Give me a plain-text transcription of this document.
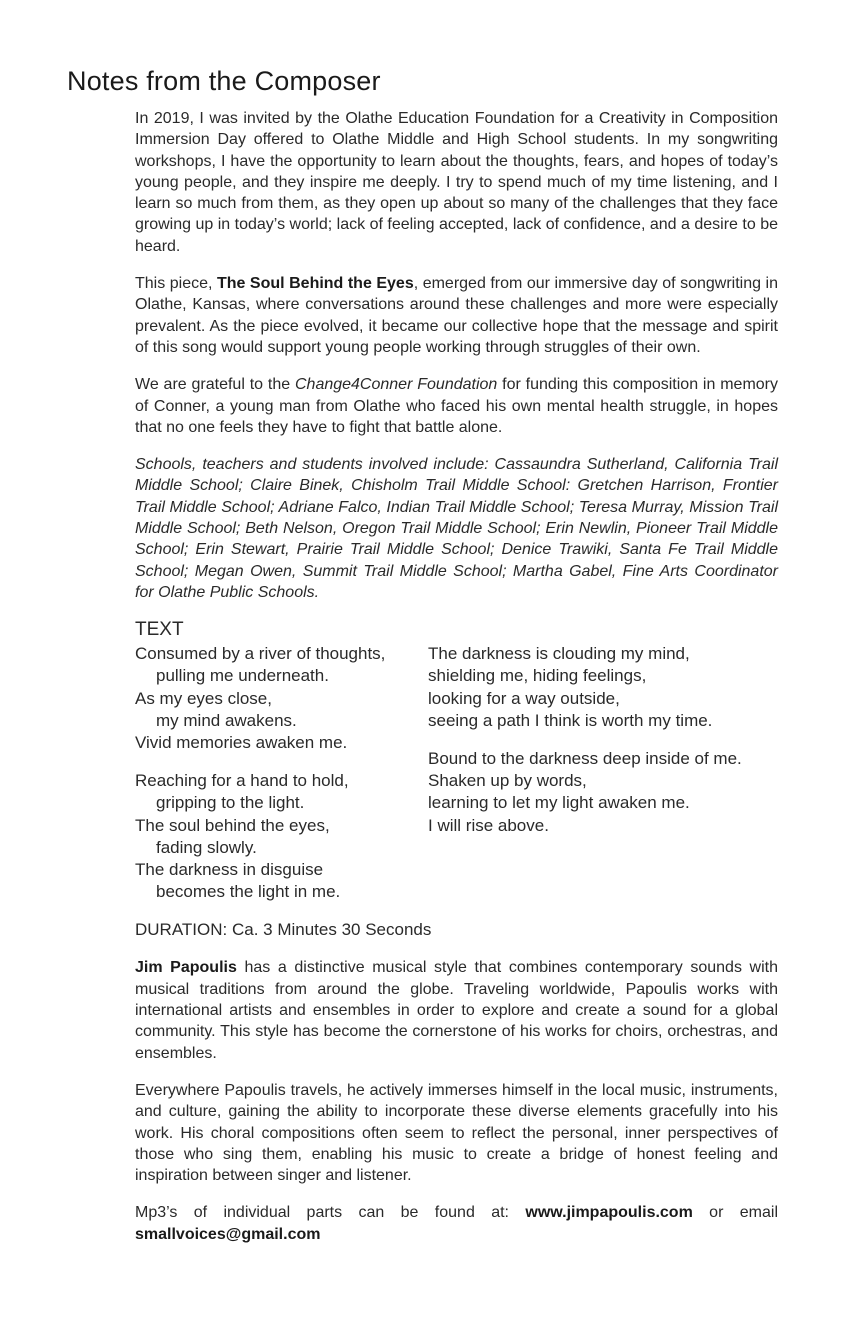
Notes from the Composer

In 2019, I was invited by the Olathe Education Foundation for a Creativity in Composition Immersion Day offered to Olathe Middle and High School students. In my songwriting workshops, I have the opportunity to learn about the thoughts, fears, and hopes of today’s young people, and they inspire me deeply. I try to spend much of my time listening, and I learn so much from them, as they open up about so many of the challenges that they face growing up in today’s world; lack of feeling accepted, lack of confidence, and a desire to be heard.

This piece, The Soul Behind the Eyes, emerged from our immersive day of songwriting in Olathe, Kansas, where conversations around these challenges and more were especially prevalent. As the piece evolved, it became our collective hope that the message and spirit of this song would support young people working through struggles of their own.

We are grateful to the Change4Conner Foundation for funding this composition in memory of Conner, a young man from Olathe who faced his own mental health struggle, in hopes that no one feels they have to fight that battle alone.

Schools, teachers and students involved include: Cassaundra Sutherland, California Trail Middle School; Claire Binek, Chisholm Trail Middle School: Gretchen Harrison, Frontier Trail Middle School; Adriane Falco, Indian Trail Middle School; Teresa Murray, Mission Trail Middle School; Beth Nelson, Oregon Trail Middle School; Erin Newlin, Pioneer Trail Middle School; Erin Stewart, Prairie Trail Middle School; Denice Trawiki, Santa Fe Trail Middle School; Megan Owen, Summit Trail Middle School; Martha Gabel, Fine Arts Coordinator for Olathe Public Schools.

TEXT
Consumed by a river of thoughts,
pulling me underneath.
As my eyes close,
my mind awakens.
Vivid memories awaken me.
Reaching for a hand to hold,
gripping to the light.
The soul behind the eyes,
fading slowly.
The darkness in disguise
becomes the light in me.
The darkness is clouding my mind,
shielding me, hiding feelings,
looking for a way outside,
seeing a path I think is worth my time.
Bound to the darkness deep inside of me.
Shaken up by words,
learning to let my light awaken me.
I will rise above.
DURATION: Ca. 3 Minutes 30 Seconds

Jim Papoulis has a distinctive musical style that combines contemporary sounds with musical traditions from around the globe. Traveling worldwide, Papoulis works with international artists and ensembles in order to explore and create a sound for a global community. This style has become the cornerstone of his works for choirs, orchestras, and ensembles.

Everywhere Papoulis travels, he actively immerses himself in the local music, instruments, and culture, gaining the ability to incorporate these diverse elements gracefully into his work. His choral compositions often seem to reflect the personal, inner perspectives of those who sing them, enabling his music to create a bridge of honest feeling and inspiration between singer and listener.

Mp3’s of individual parts can be found at: www.jimpapoulis.com or email smallvoices@gmail.com
